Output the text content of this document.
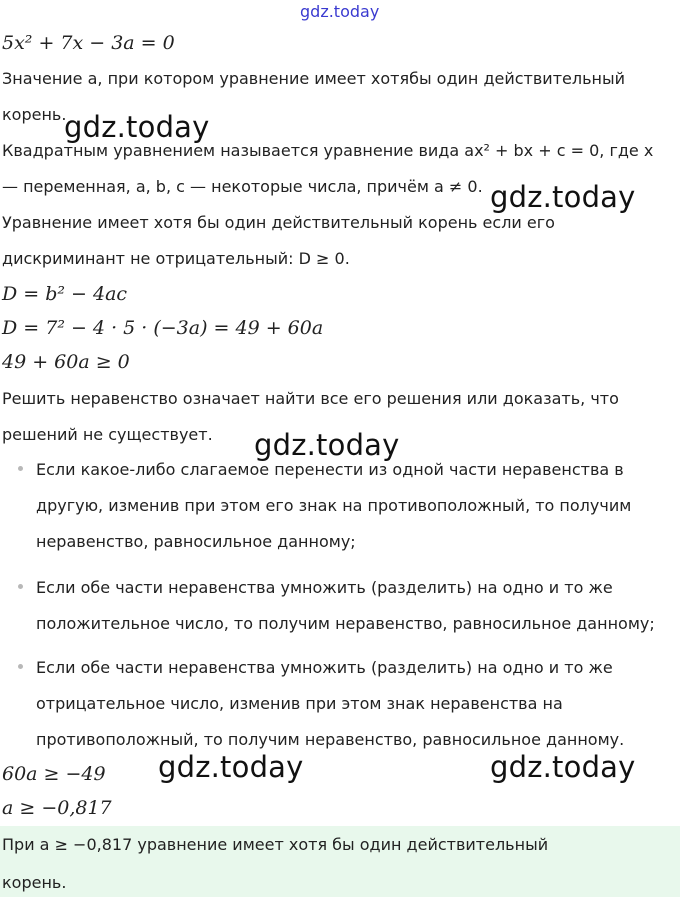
gdz.today
5x² + 7x − 3a = 0
Значение a, при котором уравнение имеет хотябы один действительный
корень.
Квадратным уравнением называется уравнение вида ax² + bx + c = 0, где x
— переменная, a, b, c — некоторые числа, причём a ≠ 0.
Уравнение имеет хотя бы один действительный корень если его
дискриминант не отрицательный: D ≥ 0.
D = b² − 4ac
D = 7² − 4 · 5 · (−3a) = 49 + 60a
49 + 60a ≥ 0
Решить неравенство означает найти все его решения или доказать, что
решений не существует.
Если какое-либо слагаемое перенести из одной части неравенства в
другую, изменив при этом его знак на противоположный, то получим
неравенство, равносильное данному;
Если обе части неравенства умножить (разделить) на одно и то же
положительное число, то получим неравенство, равносильное данному;
Если обе части неравенства умножить (разделить) на одно и то же
отрицательное число, изменив при этом знак неравенства на
противоположный, то получим неравенство, равносильное данному.
60a ≥ −49
a ≥ −0,817
При a ≥ −0,817 уравнение имеет хотя бы один действительный
корень.
gdz.today
gdz.today
gdz.today
gdz.today	gdz.today
